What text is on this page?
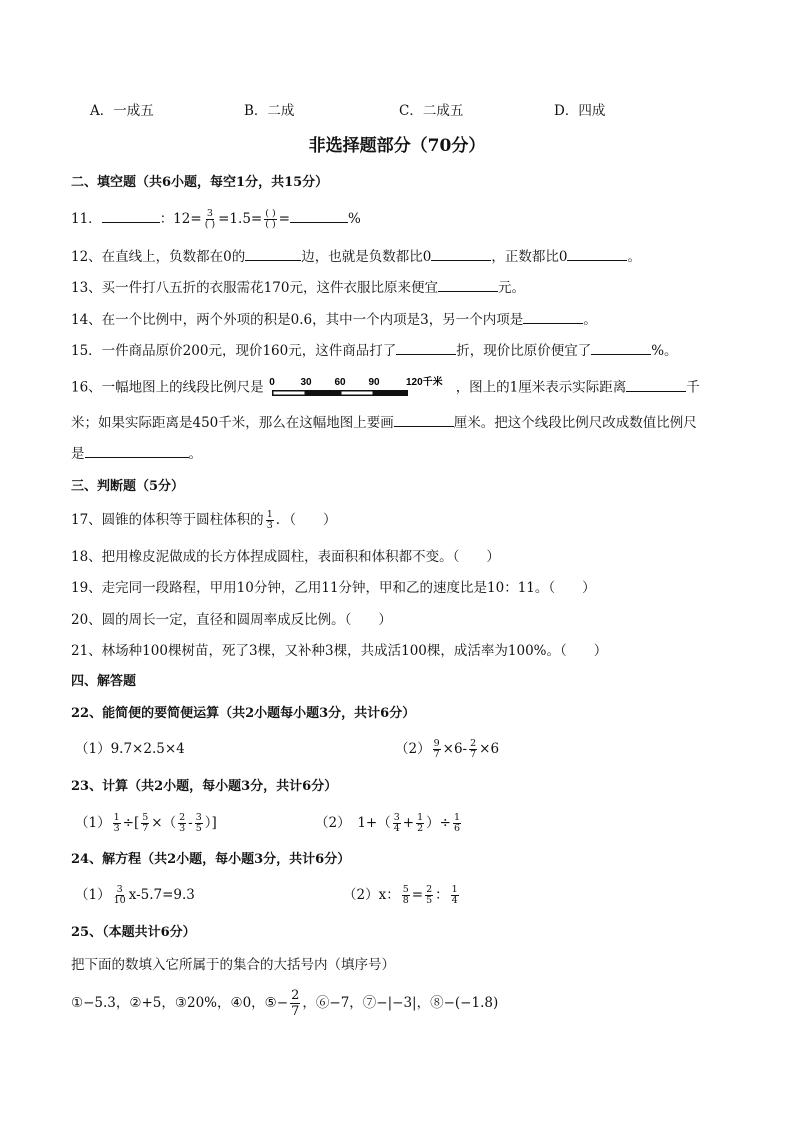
A．一成五	B．二成	C．二成五	D．四成
非选择题部分（70分）
二、填空题（共6小题，每空1分，共15分）
11．	：$12= \frac{3}{( )} =1.5= \frac{( )}{( )}$ =	%
12、在直线上，负数都在0的	边，也就是负数都比0	，正数都比0	。
13、买一件打八五折的衣服需花170元，这件衣服比原来便宜	元。
14、在一个比例中，两个外项的积是0.6，其中一个内项是3，另一个内项是	。
15．一件商品原价200元，现价160元，这件商品打了	折，现价比原价便宜了	%。
16、一幅地图上的线段比例尺是 0	30 60 90	120千米 ，图上的1厘米表示实际距离	千
米；如果实际距离是450千米，那么在这幅地图上要画	厘米。把这个线段比例尺改成数值比例尺
是	。
三、判断题（5分）
17、圆锥的体积等于圆柱体积的 $\frac{1}{3}$ ．（　　）
18、把用橡皮泥做成的长方体捏成圆柱，表面积和体积都不变。（　　）
19、走完同一段路程，甲用10分钟，乙用11分钟，甲和乙的速度比是10：11。（　　）
20、圆的周长一定，直径和圆周率成反比例。（　　）
21、林场种100棵树苗，死了3棵，又补种3棵，共成活100棵，成活率为100%。（　　）
四、解答题
22、能简便的要简便运算（共2小题每小题3分，共计6分）
（1）9.7×2.5×4	$(2) \frac{9}{7} \times 6- \frac{2}{7} \times 6$
23、计算（共2小题，每小题3分，共计6分）
$(1) \frac{1}{3}$ ÷[ $\frac{5}{7}$ ×（ $\frac{2}{3} - \frac{3}{5}$ ）]	（2）　$1+( \frac{3}{4} + \frac{1}{2}$ ）÷ $\frac{1}{6}$
24、解方程（共2小题，每小题3分，共计6分）
$(1) \frac{3}{10} x-5.7=9.3$	（2）x： $\frac{5}{8} = \frac{2}{5}$ ： $\frac{1}{4}$
25、（本题共计6分）
把下面的数填入它所属于的集合的大括号内（填序号）
①−5.3，②+5，③20%，④0，⑤− $\frac{2}{7}$ ，⑥−7，⑦−|−3|，⑧−(−1.8)
